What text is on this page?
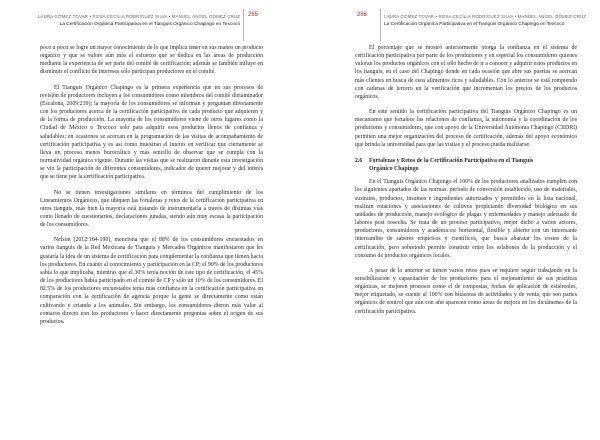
LAURA GÓMEZ TOVAR • ROSA CECILIA RODRÍGUEZ SILVA • MANUEL ÁNGEL GÓMEZ CRUZ
La Certificación Orgánica Participativa en el Tianguis Orgánico Chapingo en Texcoco
265

poco a poco se logre un mayor conocimiento de lo que implica tener en sus manos un producto orgánico y que se valore aún más el esfuerzo que se dedica en las áreas de producción mediante la experiencia de ser parte del comité de certificación; además se también influye en disminuir el conflicto de intereses sólo participan productores en el comité.

El Tianguis Orgánico Chapingo es la primera experiencia que en sus procesos de revisión de productores incluyen a los consumidores como miembros del comité dictaminador (Escalona, 2009:239); la mayoría de los consumidores se informan y preguntan directamente con los productores acerca de la certificación participativa de cada producto que adquieren y de la forma de producción. La mayoría de los consumidores viene de otros lugares como la Ciudad de México o Texcoco solo para adquirir esos productos llenos de confianza y saludables; en ocasiones se acercan en la programación de las visitas de acompañamiento de certificación participativa y es así como muestran el interés en verificar que ciertamente se lleva un proceso menos burocrático y más sencillo de observar que se cumpla con la normatividad orgánica vigente. Durante las visitas que se realizaron durante esta investigación se vio la participación de diferentes consumidores, indicador de querer mejorar y del interés que se tiene por la certificación participativa.

No se tienen investigaciones similares en términos del cumplimiento de los Lineamientos Orgánicos, que ubiquen las fortalezas y retos de la certificación participativa en otros tianguis, más bien la mayoría está tratando de instrumentarla a través de distintas vías como llenado de cuestionarios, declaraciones juradas, siendo aún muy escasa la participación de los consumidores.

Nelson (2012:164-190), menciona que el 88% de los consumidores encuestados en varios tianguis de la Red Mexicana de Tianguis y Mercados Orgánicos manifestaron que les gustaría la idea de un sistema de certificación para complementar la confianza que tienen hacia los productores. En cuanto al conocimiento y participación en la CP; el 90% de los productores sabía lo que implicaba, mientras que el 30% tenía noción de este tipo de certificación, el 45% de los productores había participado en el comité de CP y sólo un 10% de los consumidores. El 82.5% de los productores encuestados tenía más confianza en la certificación participativa en comparación con la certificación de agencia porque la gente se directamente como están cultivando y criando a los animales. Sin embargo, los consumidores dieron más valor al contacto directo con los productores y hacer directamente preguntas sobre el origen de sus productos.

266	LAURA GÓMEZ TOVAR • ROSA CECILIA RODRÍGUEZ SILVA • MANUEL ÁNGEL GÓMEZ CRUZ
La Certificación Orgánica Participativa en el Tianguis Orgánico Chapingo en Texcoco

El porcentaje que se mostró anteriormente otorga la confianza en el sistema de certificación participativa por parte de los productores y en especial los consumidores quienes valoran los productos orgánicos con el sólo hecho de ir a conocer y adquirir estos productos en los tianguis, en el caso del Chapingo donde en cada ocasión que abre sus puertas se acercan más clientes en busca de esos alimentos ricos y saludables. Con lo anterior se está rompiendo con cadenas de tercero en la verificación que incrementan los precios de los productos orgánicos.

En este sentido la certificación participativa del Tianguis Orgánico Chapingo es un mecanismo que fortalece las relaciones de confianza, la autonomía y la coordinación de los productores y consumidores, que con apoyo de la Universidad Autónoma Chapingo (CIIDRI) permiten una mejor organización del proceso de certificación, además del apoyo económico que brinda la universidad para que las visitas y el proceso pueda realizarse.

2.6 Fortalezas y Retos de la Certificación Participativa en el Tianguis
Orgánico Chapingo

En el Tianguis Orgánico Chapingo el 100% de los productores analizados cumplen con los siguientes apartados de las normas: periodo de conversión establecido, uso de materiales, sustratos, productos, insumos e ingredientes autorizados y permitidos en la lista nacional, realizan rotaciones y asociaciones de cultivos propiciando diversidad biológica en sus unidades de producción, manejo ecológico de plagas y enfermedades y manejo adecuado de labores post cosecha. Se trata de un proceso participativo, mejor dicho a varios actores, productores, consumidores y académicos: horizontal, flexible y abierto con un interesante intercambio de saberes empíricos y científicos, que busca abaratar los costos de la certificación, pero sobretodo permite construir entre los eslabones de la producción y el consumo de productos orgánicos locales.

A pesar de lo anterior se tienen varios retos pues se requiere seguir trabajando en la sensibilización y capacitación de los productores para el mejoramiento de sus prácticas orgánicas, se mejoren procesos como el de compostas, fechas de aplicación de estiércoles, mejor etiquetado, se cuente al 100% con bitácoras de actividades y de venta, que son partes orgánicos de control que aún con año aparecen como áreas de mejora en los dictámenes de la certificación participativa.
